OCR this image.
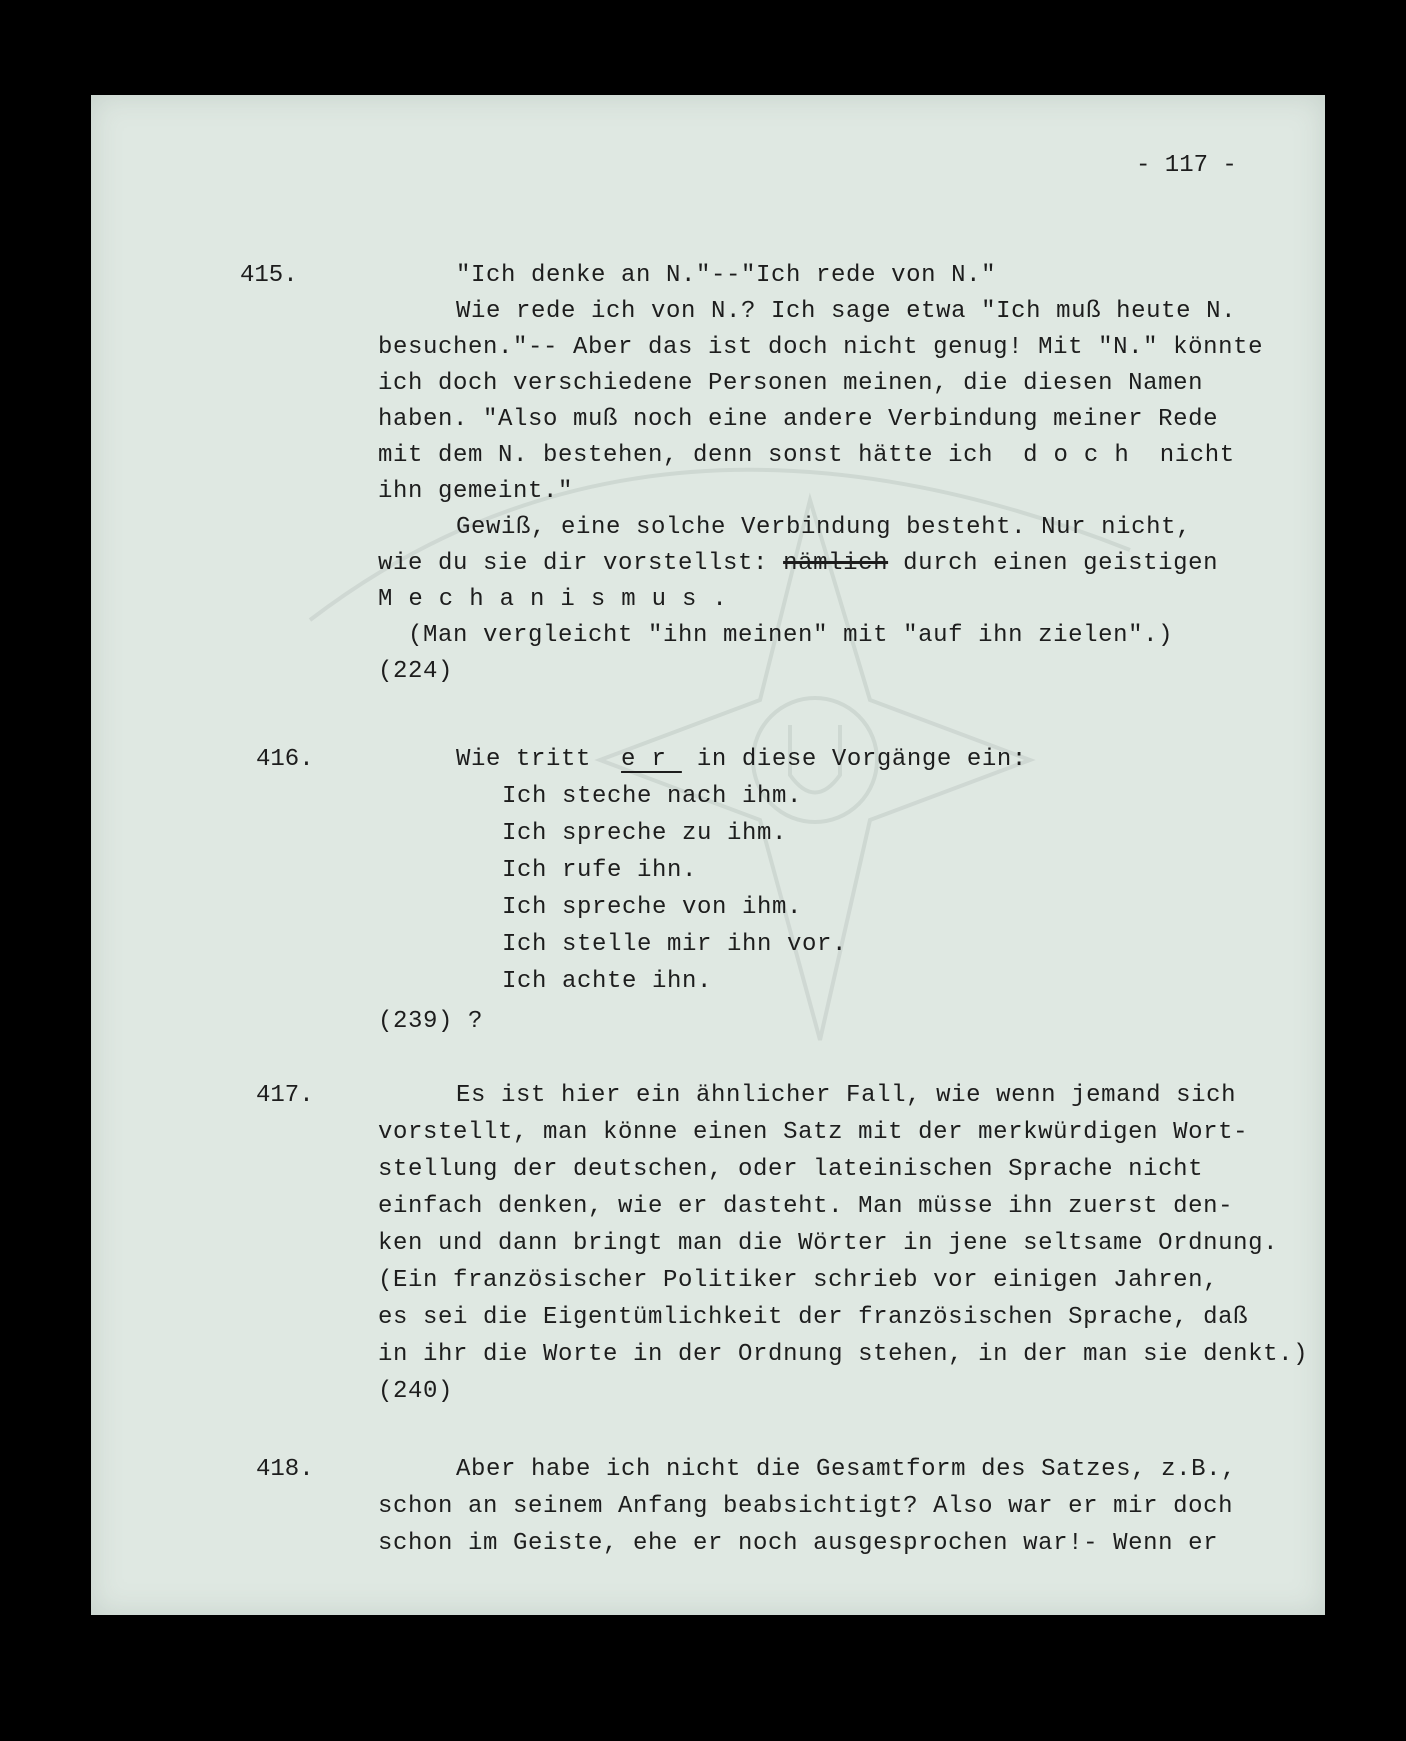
- 117 -
415.	"Ich denke an N."--"Ich rede von N."
Wie rede ich von N.? Ich sage etwa "Ich muß heute N.
besuchen."-- Aber das ist doch nicht genug! Mit "N." könnte
ich doch verschiedene Personen meinen, die diesen Namen
haben. "Also muß noch eine andere Verbindung meiner Rede
mit dem N. bestehen, denn sonst hätte ich doch nicht
ihn gemeint."
Gewiß, eine solche Verbindung besteht. Nur nicht,
wie du sie dir vorstellst: nämlich durch einen geistigen
Mechanismus.
(Man vergleicht "ihn meinen" mit "auf ihn zielen".)
(224)
416.	Wie tritt er in diese Vorgänge ein:
Ich steche nach ihm.
Ich spreche zu ihm.
Ich rufe ihn.
Ich spreche von ihm.
Ich stelle mir ihn vor.
Ich achte ihn.
(239) ?
417.	Es ist hier ein ähnlicher Fall, wie wenn jemand sich
vorstellt, man könne einen Satz mit der merkwürdigen Wort-
stellung der deutschen, oder lateinischen Sprache nicht
einfach denken, wie er dasteht. Man müsse ihn zuerst den-
ken und dann bringt man die Wörter in jene seltsame Ordnung.
(Ein französischer Politiker schrieb vor einigen Jahren,
es sei die Eigentümlichkeit der französischen Sprache, daß
in ihr die Worte in der Ordnung stehen, in der man sie denkt.)
(240)
418.	Aber habe ich nicht die Gesamtform des Satzes, z.B.,
schon an seinem Anfang beabsichtigt? Also war er mir doch
schon im Geiste, ehe er noch ausgesprochen war!- Wenn er
